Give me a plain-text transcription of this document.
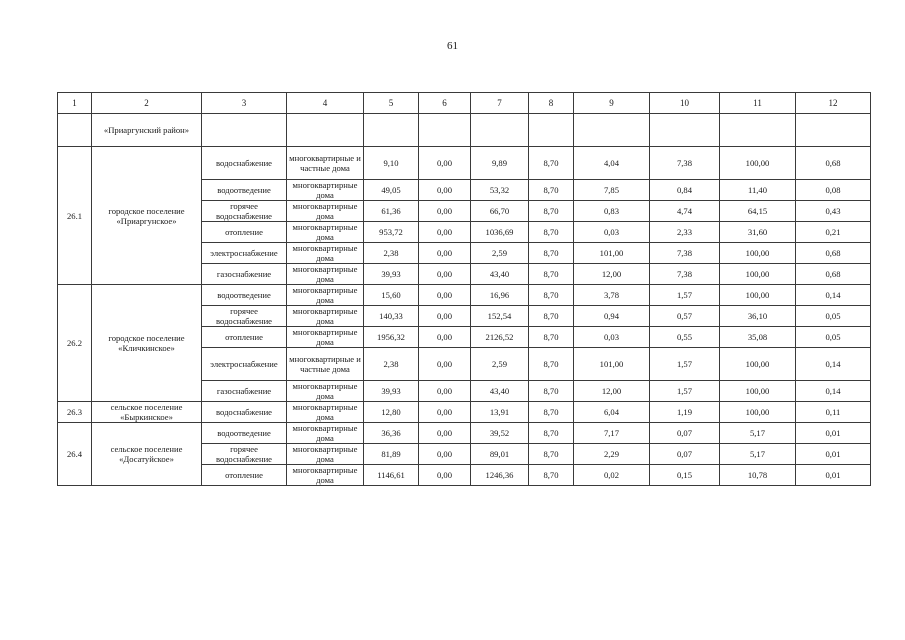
61
1	2	3	4	5	6	7	8	9	10	11	12
	«Приаргунский район»										
26.1	городское поселение «Приаргунское»	водоснабжение	многоквартирные и частные дома	9,10	0,00	9,89	8,70	4,04	7,38	100,00	0,68
		водоотведение	многоквартирные дома	49,05	0,00	53,32	8,70	7,85	0,84	11,40	0,08
		горячее водоснабжение	многоквартирные дома	61,36	0,00	66,70	8,70	0,83	4,74	64,15	0,43
		отопление	многоквартирные дома	953,72	0,00	1036,69	8,70	0,03	2,33	31,60	0,21
		электроснабжение	многоквартирные дома	2,38	0,00	2,59	8,70	101,00	7,38	100,00	0,68
		газоснабжение	многоквартирные дома	39,93	0,00	43,40	8,70	12,00	7,38	100,00	0,68
26.2	городское поселение «Кличкинское»	водоотведение	многоквартирные дома	15,60	0,00	16,96	8,70	3,78	1,57	100,00	0,14
		горячее водоснабжение	многоквартирные дома	140,33	0,00	152,54	8,70	0,94	0,57	36,10	0,05
		отопление	многоквартирные дома	1956,32	0,00	2126,52	8,70	0,03	0,55	35,08	0,05
		электроснабжение	многоквартирные и частные дома	2,38	0,00	2,59	8,70	101,00	1,57	100,00	0,14
		газоснабжение	многоквартирные дома	39,93	0,00	43,40	8,70	12,00	1,57	100,00	0,14
26.3	сельское поселение «Быркинское»	водоснабжение	многоквартирные дома	12,80	0,00	13,91	8,70	6,04	1,19	100,00	0,11
26.4	сельское поселение «Досатуйское»	водоотведение	многоквартирные дома	36,36	0,00	39,52	8,70	7,17	0,07	5,17	0,01
		горячее водоснабжение	многоквартирные дома	81,89	0,00	89,01	8,70	2,29	0,07	5,17	0,01
		отопление	многоквартирные дома	1146,61	0,00	1246,36	8,70	0,02	0,15	10,78	0,01
